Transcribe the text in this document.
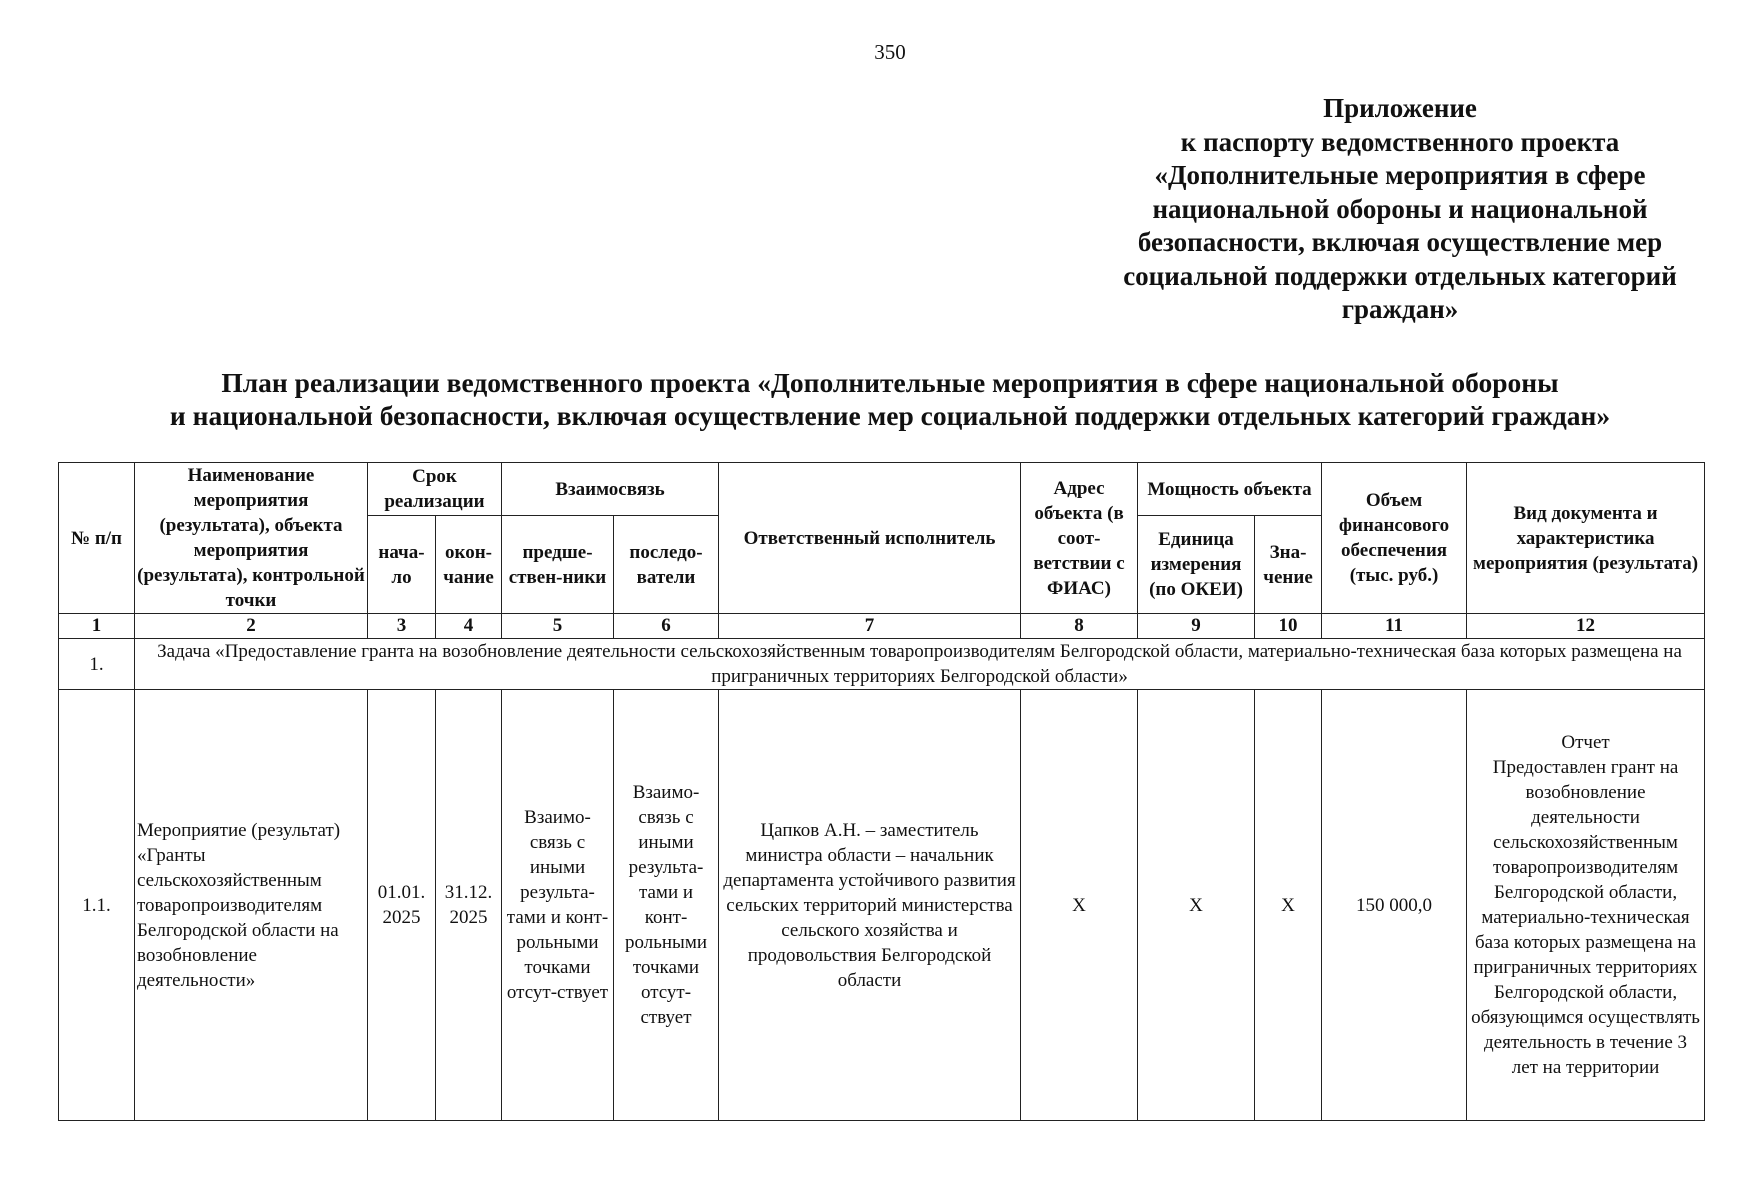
350
Приложение
к паспорту ведомственного проекта
«Дополнительные мероприятия в сфере
национальной обороны и национальной
безопасности, включая осуществление мер
социальной поддержки отдельных категорий
граждан»
План реализации ведомственного проекта «Дополнительные мероприятия в сфере национальной обороны
и национальной безопасности, включая осуществление мер социальной поддержки отдельных категорий граждан»
№ п/п	Наименование мероприятия (результата), объекта мероприятия (результата), контрольной точки	Срок реализации		Взаимосвязь		Ответственный исполнитель	Адрес объекта (в соот-ветствии с ФИАС)	Мощность объекта		Объем финансового обеспечения (тыс. руб.)	Вид документа и характеристика мероприятия (результата)
		нача-ло	окон-чание	предше-ствен-ники	последо-ватели			Единица измерения (по ОКЕИ)	Зна-чение		
1	2	3	4	5	6	7	8	9	10	11	12
1.	Задача «Предоставление гранта на возобновление деятельности сельскохозяйственным товаропроизводителям Белгородской области, материально-техническая база которых размещена на приграничных территориях Белгородской области»										
1.1.	Мероприятие (результат) «Гранты сельскохозяйственным товаропроизводителям Белгородской области на возобновление деятельности»	01.01. 2025	31.12. 2025	Взаимо-связь с иными результа-тами и конт-рольными точками отсут-ствует	Взаимо-связь с иными результа-тами и конт-рольными точками отсут-ствует	Цапков А.Н. – заместитель министра области – начальник департамента устойчивого развития сельских территорий министерства сельского хозяйства и продовольствия Белгородской области	X	X	X	150 000,0	Отчет
Предоставлен грант на возобновление деятельности сельскохозяйственным товаропроизводителям Белгородской области, материально-техническая база которых размещена на приграничных территориях Белгородской области, обязующимся осуществлять деятельность в течение 3 лет на территории
